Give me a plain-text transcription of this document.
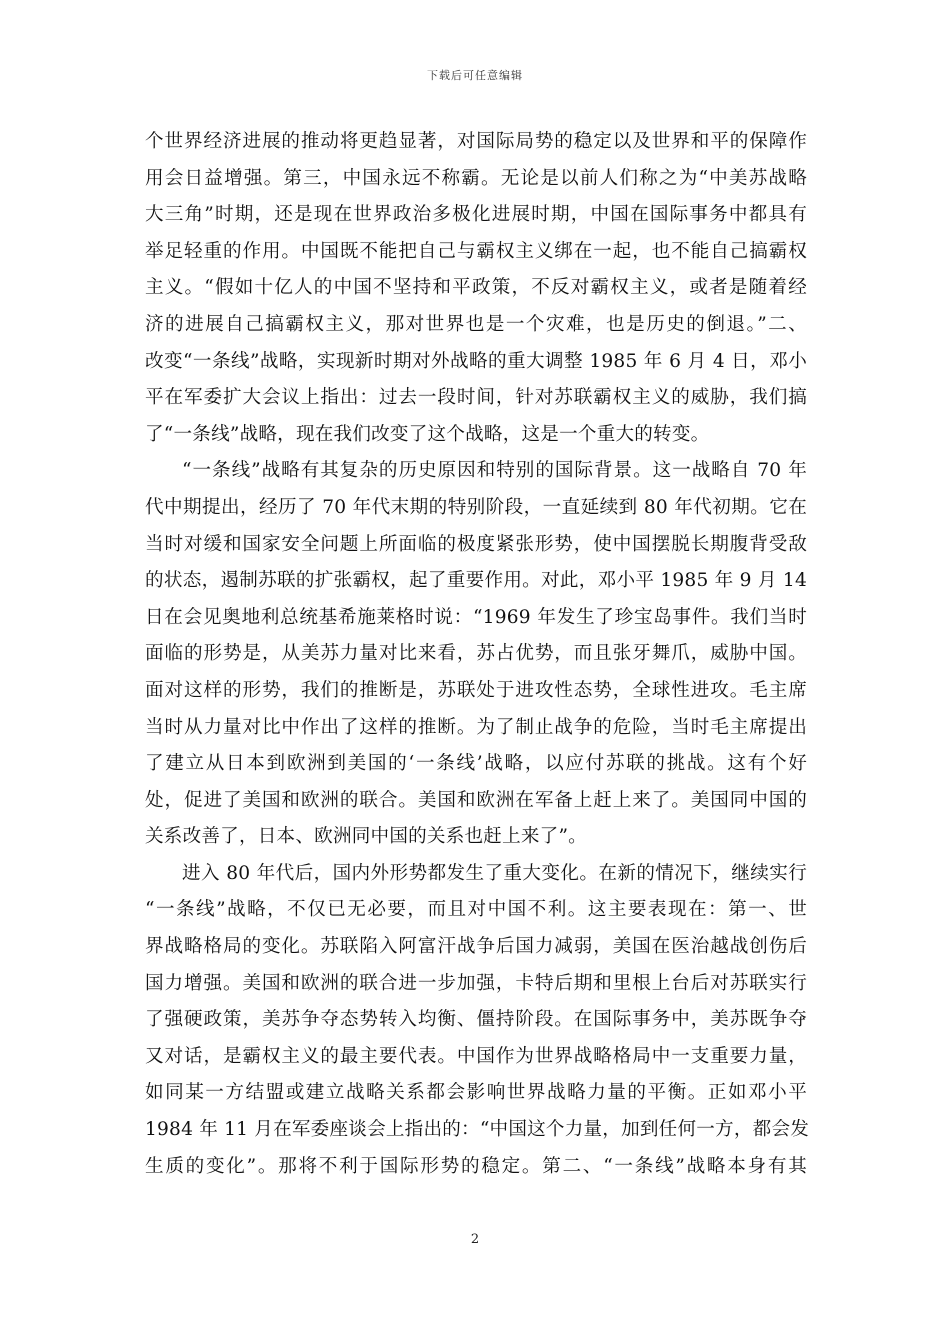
下载后可任意编辑
个世界经济进展的推动将更趋显著，对国际局势的稳定以及世界和平的保障作
用会日益增强。第三，中国永远不称霸。无论是以前人们称之为“中美苏战略
大三角”时期，还是现在世界政治多极化进展时期，中国在国际事务中都具有
举足轻重的作用。中国既不能把自己与霸权主义绑在一起，也不能自己搞霸权
主义。“假如十亿人的中国不坚持和平政策，不反对霸权主义，或者是随着经
济的进展自己搞霸权主义，那对世界也是一个灾难，也是历史的倒退。”二、
改变“一条线”战略，实现新时期对外战略的重大调整 1985 年 6 月 4 日，邓小
平在军委扩大会议上指出：过去一段时间，针对苏联霸权主义的威胁，我们搞
了“一条线”战略，现在我们改变了这个战略，这是一个重大的转变。
“一条线”战略有其复杂的历史原因和特别的国际背景。这一战略自 70 年
代中期提出，经历了 70 年代末期的特别阶段，一直延续到 80 年代初期。它在
当时对缓和国家安全问题上所面临的极度紧张形势，使中国摆脱长期腹背受敌
的状态，遏制苏联的扩张霸权，起了重要作用。对此，邓小平 1985 年 9 月 14
日在会见奥地利总统基希施莱格时说：“1969 年发生了珍宝岛事件。我们当时
面临的形势是，从美苏力量对比来看，苏占优势，而且张牙舞爪，威胁中国。
面对这样的形势，我们的推断是，苏联处于进攻性态势，全球性进攻。毛主席
当时从力量对比中作出了这样的推断。为了制止战争的危险，当时毛主席提出
了建立从日本到欧洲到美国的‘一条线’战略，以应付苏联的挑战。这有个好
处，促进了美国和欧洲的联合。美国和欧洲在军备上赶上来了。美国同中国的
关系改善了，日本、欧洲同中国的关系也赶上来了”。
进入 80 年代后，国内外形势都发生了重大变化。在新的情况下，继续实行
“一条线”战略，不仅已无必要，而且对中国不利。这主要表现在：第一、世
界战略格局的变化。苏联陷入阿富汗战争后国力减弱，美国在医治越战创伤后
国力增强。美国和欧洲的联合进一步加强，卡特后期和里根上台后对苏联实行
了强硬政策，美苏争夺态势转入均衡、僵持阶段。在国际事务中，美苏既争夺
又对话，是霸权主义的最主要代表。中国作为世界战略格局中一支重要力量，
如同某一方结盟或建立战略关系都会影响世界战略力量的平衡。正如邓小平
1984 年 11 月在军委座谈会上指出的：“中国这个力量，加到任何一方，都会发
生质的变化”。那将不利于国际形势的稳定。第二、“一条线”战略本身有其
2
